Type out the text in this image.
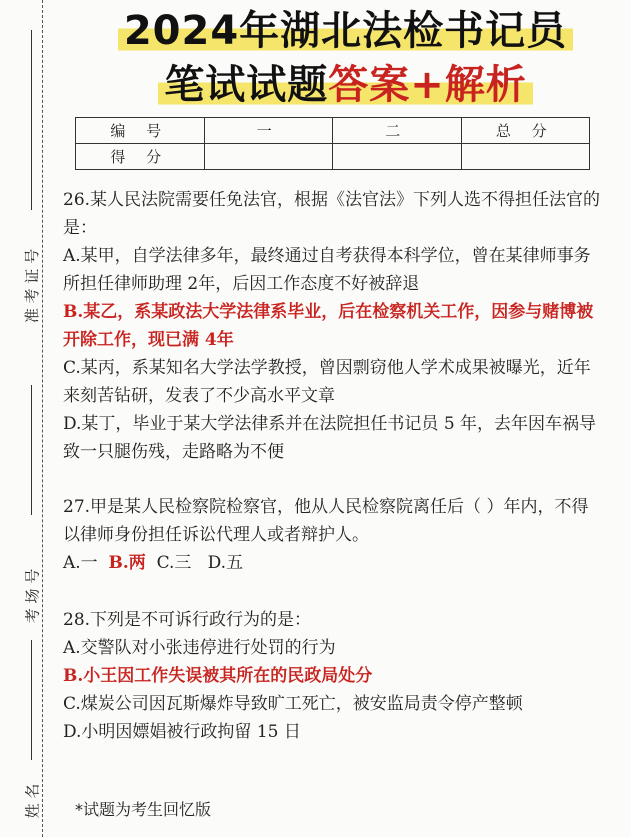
准 考 证 号
考 场 号
姓 名
2024年湖北法检书记员
笔试试题答案+解析
编 号	一	二	总 分
得 分			

26.某人民法院需要任免法官，根据《法官法》下列人选不得担任法官的是：

A.某甲，自学法律多年，最终通过自考获得本科学位，曾在某律师事务所担任律师助理 2年，后因工作态度不好被辞退

B.某乙，系某政法大学法律系毕业，后在检察机关工作，因参与赌博被开除工作，现已满 4年

C.某丙，系某知名大学法学教授，曾因剽窃他人学术成果被曝光，近年来刻苦钻研，发表了不少高水平文章

D.某丁，毕业于某大学法律系并在法院担任书记员 5 年，去年因车祸导致一只腿伤残，走路略为不便

27.甲是某人民检察院检察官，他从人民检察院离任后（ ）年内，不得以律师身份担任诉讼代理人或者辩护人。

A.一 B.两 C.三 D.五

28.下列是不可诉行政行为的是：

A.交警队对小张违停进行处罚的行为

B.小王因工作失误被其所在的民政局处分

C.煤炭公司因瓦斯爆炸导致旷工死亡，被安监局责令停产整顿

D.小明因嫖娼被行政拘留 15 日

*试题为考生回忆版
